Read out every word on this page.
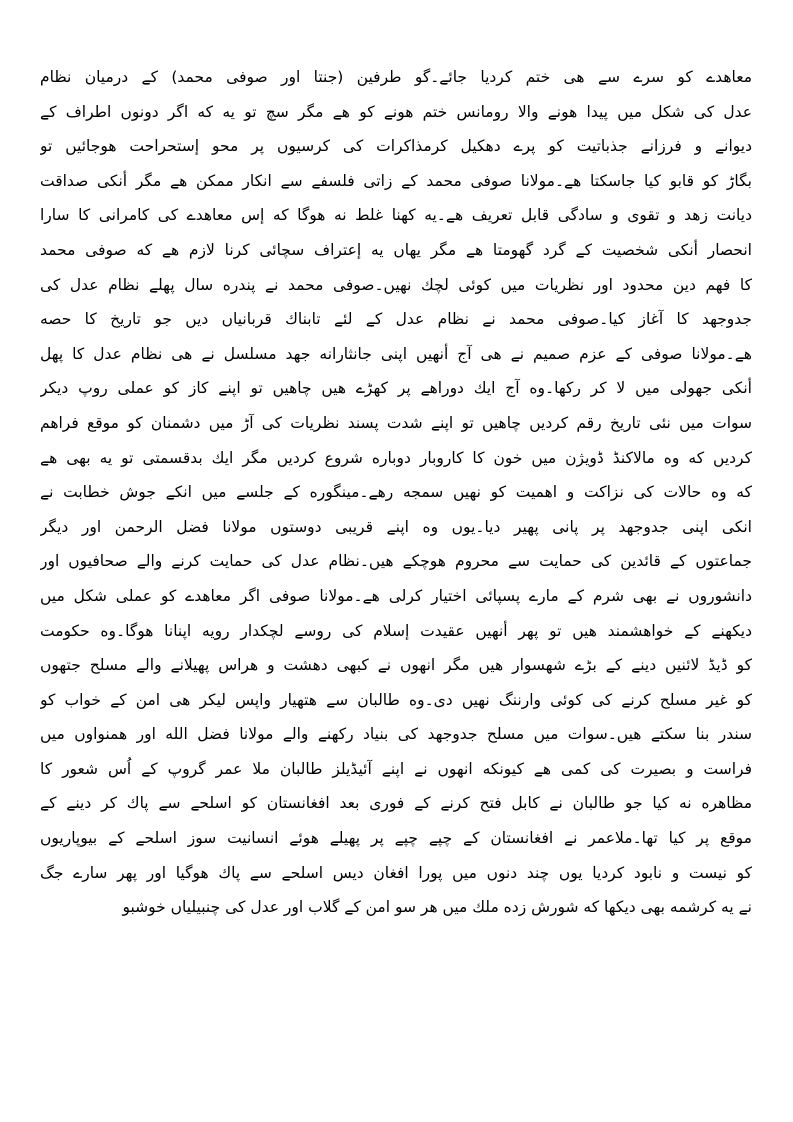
معاهدے کو سرے سے هی ختم کردیا جائے۔گو طرفین (جنتا اور صوفی محمد) کے درمیان نظام
عدل کی شکل میں پیدا هونے والا رومانس ختم هونے کو هے مگر سچ تو یه که اگر دونوں اطراف کے
دیوانے و فرزانے جذباتیت کو پرے دهکیل کرمذاکرات کی کرسیوں پر محو إستحراحت هوجائیں تو
بگاڑ کو قابو کیا جاسکتا هے۔مولانا صوفی محمد کے زاتی فلسفے سے انکار ممکن هے مگر أنکی صداقت
دیانت زهد و تقوی و سادگی قابل تعریف هے۔یه کهنا غلط نه هوگا که إس معاهدے کی کامرانی کا سارا
انحصار أنکی شخصیت کے گرد گهومتا هے مگر یهاں یه إعتراف سچائی کرنا لازم هے که صوفی محمد
کا فهم دین محدود اور نظریات میں کوئی لچك نهیں۔صوفی محمد نے پندره سال پهلے نظام عدل کی
جدوجهد کا آغاز کیا۔صوفی محمد نے نظام عدل کے لئے تابناك قربانیاں دیں جو تاریخ کا حصه
هے۔مولانا صوفی کے عزم صمیم نے هی آج أنهیں اپنی جانثارانه جهد مسلسل نے هی نظام عدل کا پهل
أنکی جهولی میں لا کر رکها۔وه آج ایك دوراهے پر کهڑے هیں چاهیں تو اپنے کاز کو عملی روپ دیکر
سوات میں نئی تاریخ رقم کردیں چاهیں تو اپنے شدت پسند نظریات کی آڑ میں دشمنان کو موقع فراهم
کردیں که وه مالاکنڈ ڈویژن میں خون کا کاروبار دوباره شروع کردیں مگر ایك بدقسمتی تو یه بهی هے
که وه حالات کی نزاکت و اهمیت کو نهیں سمجه رهے۔مینگوره کے جلسے میں انکے جوش خطابت نے
انکی اپنی جدوجهد پر پانی پهیر دیا۔یوں وه اپنے قریبی دوستوں مولانا فضل الرحمن اور دیگر
جماعتوں کے قائدین کی حمایت سے محروم هوچکے هیں۔نظام عدل کی حمایت کرنے والے صحافیوں اور
دانشوروں نے بهی شرم کے مارے پسپائی اختیار کرلی هے۔مولانا صوفی اگر معاهدے کو عملی شکل میں
دیکهنے کے خواهشمند هیں تو پهر أنهیں عقیدت إسلام کی روسے لچکدار رویه اپنانا هوگا۔وه حکومت
کو ڈیڈ لائنیں دینے کے بڑے شهسوار هیں مگر انهوں نے کبهی دهشت و هراس پهیلانے والے مسلح جتهوں
کو غیر مسلح کرنے کی کوئی وارننگ نهیں دی۔وه طالبان سے هتهیار واپس لیکر هی امن کے خواب کو
سندر بنا سکتے هیں۔سوات میں مسلح جدوجهد کی بنیاد رکهنے والے مولانا فضل الله اور همنواوں میں
فراست و بصیرت کی کمی هے کیونکه انهوں نے اپنے آئیڈیلز طالبان ملا عمر گروپ کے اُس شعور کا
مظاهره نه کیا جو طالبان نے کابل فتح کرنے کے فوری بعد افغانستان کو اسلحے سے پاك کر دینے کے
موقع پر کیا تها۔ملاعمر نے افغانستان کے چپے چپے پر پهیلے هوئے انسانیت سوز اسلحے کے بیوپاریوں
کو نیست و نابود کردیا یوں چند دنوں میں پورا افغان دیس اسلحے سے پاك هوگیا اور پهر سارے جگ
نے یه کرشمه بهی دیکها که شورش زده ملك میں هر سو امن کے گلاب اور عدل کی چنبیلیاں خوشبو
